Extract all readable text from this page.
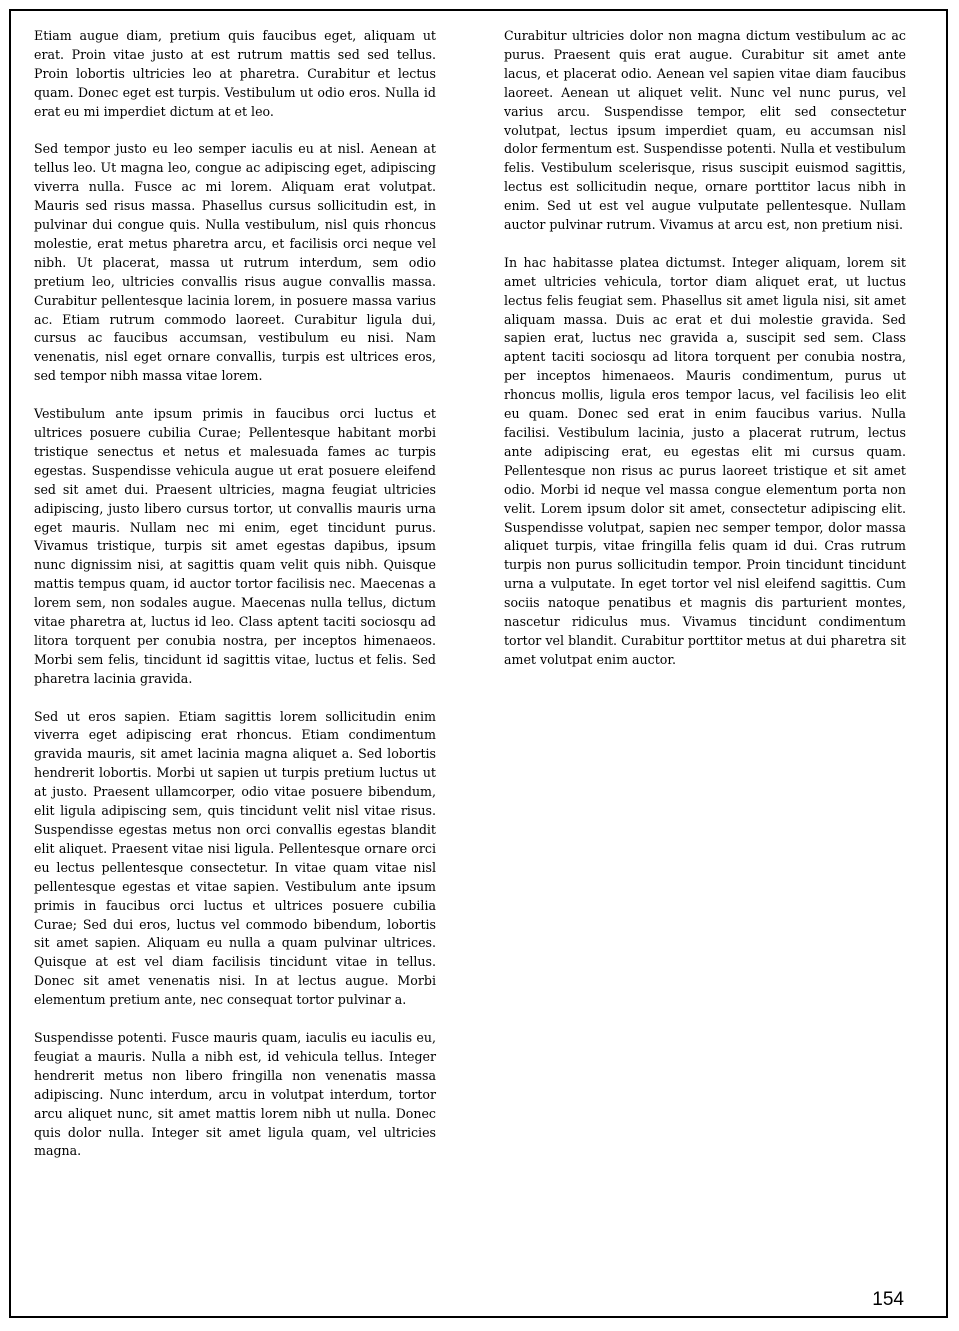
Etiam augue diam, pretium quis faucibus eget, aliquam ut erat. Proin vitae justo at est rutrum mattis sed sed tellus. Proin lobortis ultricies leo at pharetra. Curabitur et lectus quam. Donec eget est turpis. Vestibulum ut odio eros. Nulla id erat eu mi imperdiet dictum at et leo.

Sed tempor justo eu leo semper iaculis eu at nisl. Aenean at tellus leo. Ut magna leo, congue ac adipiscing eget, adipiscing viverra nulla. Fusce ac mi lorem. Aliquam erat volutpat. Mauris sed risus massa. Phasellus cursus sollicitudin est, in pulvinar dui congue quis. Nulla vestibulum, nisl quis rhoncus molestie, erat metus pharetra arcu, et facilisis orci neque vel nibh. Ut placerat, massa ut rutrum interdum, sem odio pretium leo, ultricies convallis risus augue convallis massa. Curabitur pellentesque lacinia lorem, in posuere massa varius ac. Etiam rutrum commodo laoreet. Curabitur ligula dui, cursus ac faucibus accumsan, vestibulum eu nisi. Nam venenatis, nisl eget ornare convallis, turpis est ultrices eros, sed tempor nibh massa vitae lorem.

Vestibulum ante ipsum primis in faucibus orci luctus et ultrices posuere cubilia Curae; Pellentesque habitant morbi tristique senectus et netus et malesuada fames ac turpis egestas. Suspendisse vehicula augue ut erat posuere eleifend sed sit amet dui. Praesent ultricies, magna feugiat ultricies adipiscing, justo libero cursus tortor, ut convallis mauris urna eget mauris. Nullam nec mi enim, eget tincidunt purus. Vivamus tristique, turpis sit amet egestas dapibus, ipsum nunc dignissim nisi, at sagittis quam velit quis nibh. Quisque mattis tempus quam, id auctor tortor facilisis nec. Maecenas a lorem sem, non sodales augue. Maecenas nulla tellus, dictum vitae pharetra at, luctus id leo. Class aptent taciti sociosqu ad litora torquent per conubia nostra, per inceptos himenaeos. Morbi sem felis, tincidunt id sagittis vitae, luctus et felis. Sed pharetra lacinia gravida.

Sed ut eros sapien. Etiam sagittis lorem sollicitudin enim viverra eget adipiscing erat rhoncus. Etiam condimentum gravida mauris, sit amet lacinia magna aliquet a. Sed lobortis hendrerit lobortis. Morbi ut sapien ut turpis pretium luctus ut at justo. Praesent ullamcorper, odio vitae posuere bibendum, elit ligula adipiscing sem, quis tincidunt velit nisl vitae risus. Suspendisse egestas metus non orci convallis egestas blandit elit aliquet. Praesent vitae nisi ligula. Pellentesque ornare orci eu lectus pellentesque consectetur. In vitae quam vitae nisl pellentesque egestas et vitae sapien. Vestibulum ante ipsum primis in faucibus orci luctus et ultrices posuere cubilia Curae; Sed dui eros, luctus vel commodo bibendum, lobortis sit amet sapien. Aliquam eu nulla a quam pulvinar ultrices. Quisque at est vel diam facilisis tincidunt vitae in tellus. Donec sit amet venenatis nisi. In at lectus augue. Morbi elementum pretium ante, nec consequat tortor pulvinar a.

Suspendisse potenti. Fusce mauris quam, iaculis eu iaculis eu, feugiat a mauris. Nulla a nibh est, id vehicula tellus. Integer hendrerit metus non libero fringilla non venenatis massa adipiscing. Nunc interdum, arcu in volutpat interdum, tortor arcu aliquet nunc, sit amet mattis lorem nibh ut nulla. Donec quis dolor nulla. Integer sit amet ligula quam, vel ultricies magna.

Curabitur ultricies dolor non magna dictum vestibulum ac ac purus. Praesent quis erat augue. Curabitur sit amet ante lacus, et placerat odio. Aenean vel sapien vitae diam faucibus laoreet. Aenean ut aliquet velit. Nunc vel nunc purus, vel varius arcu. Suspendisse tempor, elit sed consectetur volutpat, lectus ipsum imperdiet quam, eu accumsan nisl dolor fermentum est. Suspendisse potenti. Nulla et vestibulum felis. Vestibulum scelerisque, risus suscipit euismod sagittis, lectus est sollicitudin neque, ornare porttitor lacus nibh in enim. Sed ut est vel augue vulputate pellentesque. Nullam auctor pulvinar rutrum. Vivamus at arcu est, non pretium nisi.

In hac habitasse platea dictumst. Integer aliquam, lorem sit amet ultricies vehicula, tortor diam aliquet erat, ut luctus lectus felis feugiat sem. Phasellus sit amet ligula nisi, sit amet aliquam massa. Duis ac erat et dui molestie gravida. Sed sapien erat, luctus nec gravida a, suscipit sed sem. Class aptent taciti sociosqu ad litora torquent per conubia nostra, per inceptos himenaeos. Mauris condimentum, purus ut rhoncus mollis, ligula eros tempor lacus, vel facilisis leo elit eu quam. Donec sed erat in enim faucibus varius. Nulla facilisi. Vestibulum lacinia, justo a placerat rutrum, lectus ante adipiscing erat, eu egestas elit mi cursus quam. Pellentesque non risus ac purus laoreet tristique et sit amet odio. Morbi id neque vel massa congue elementum porta non velit. Lorem ipsum dolor sit amet, consectetur adipiscing elit. Suspendisse volutpat, sapien nec semper tempor, dolor massa aliquet turpis, vitae fringilla felis quam id dui. Cras rutrum turpis non purus sollicitudin tempor. Proin tincidunt tincidunt urna a vulputate. In eget tortor vel nisl eleifend sagittis. Cum sociis natoque penatibus et magnis dis parturient montes, nascetur ridiculus mus. Vivamus tincidunt condimentum tortor vel blandit. Curabitur porttitor metus at dui pharetra sit amet volutpat enim auctor.

154
